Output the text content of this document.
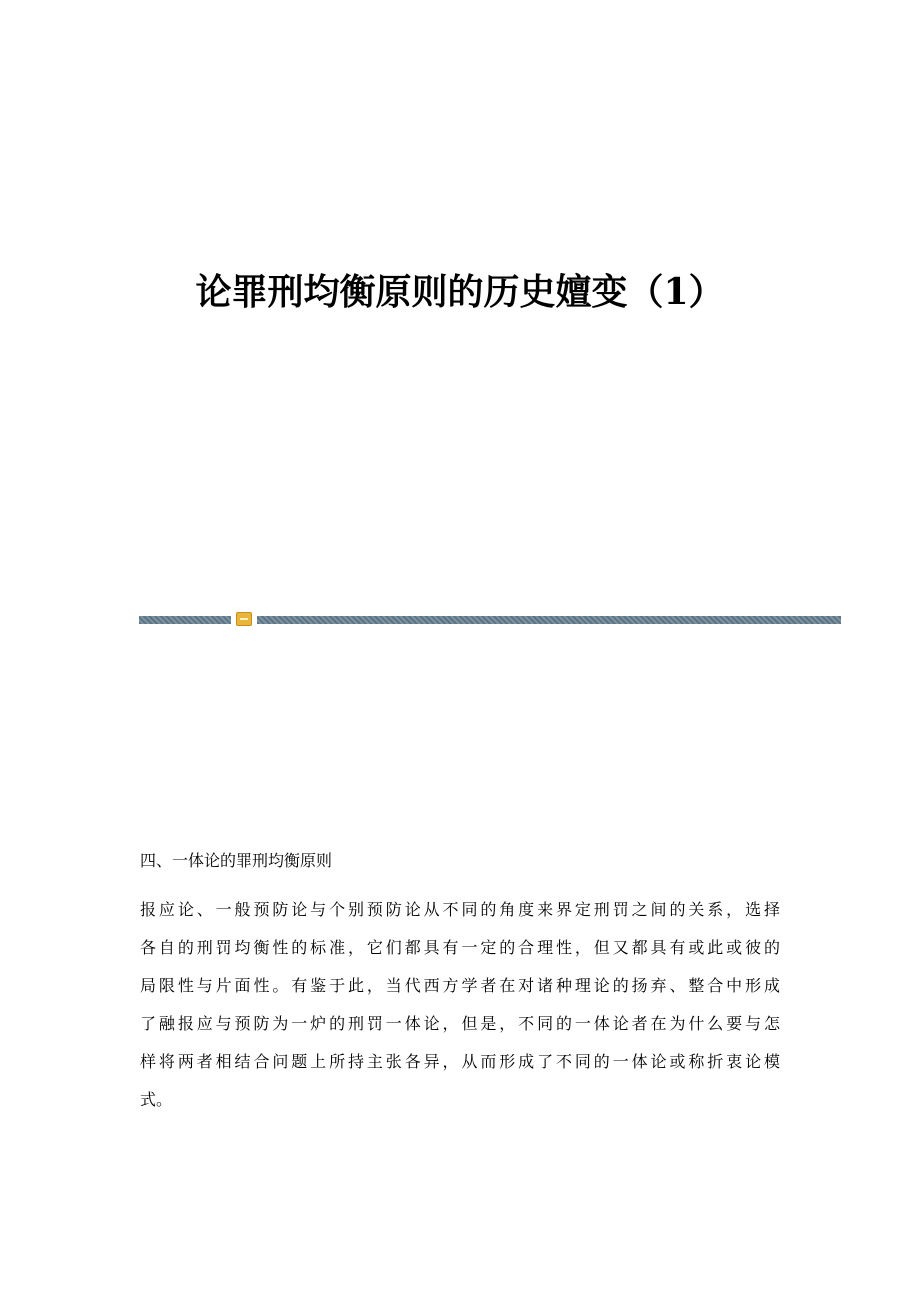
论罪刑均衡原则的历史嬗变（1）
四、一体论的罪刑均衡原则
报应论、一般预防论与个别预防论从不同的角度来界定刑罚之间的关系，选择
各自的刑罚均衡性的标准，它们都具有一定的合理性，但又都具有或此或彼的
局限性与片面性。有鉴于此，当代西方学者在对诸种理论的扬弃、整合中形成
了融报应与预防为一炉的刑罚一体论，但是，不同的一体论者在为什么要与怎
样将两者相结合问题上所持主张各异，从而形成了不同的一体论或称折衷论模
式。
